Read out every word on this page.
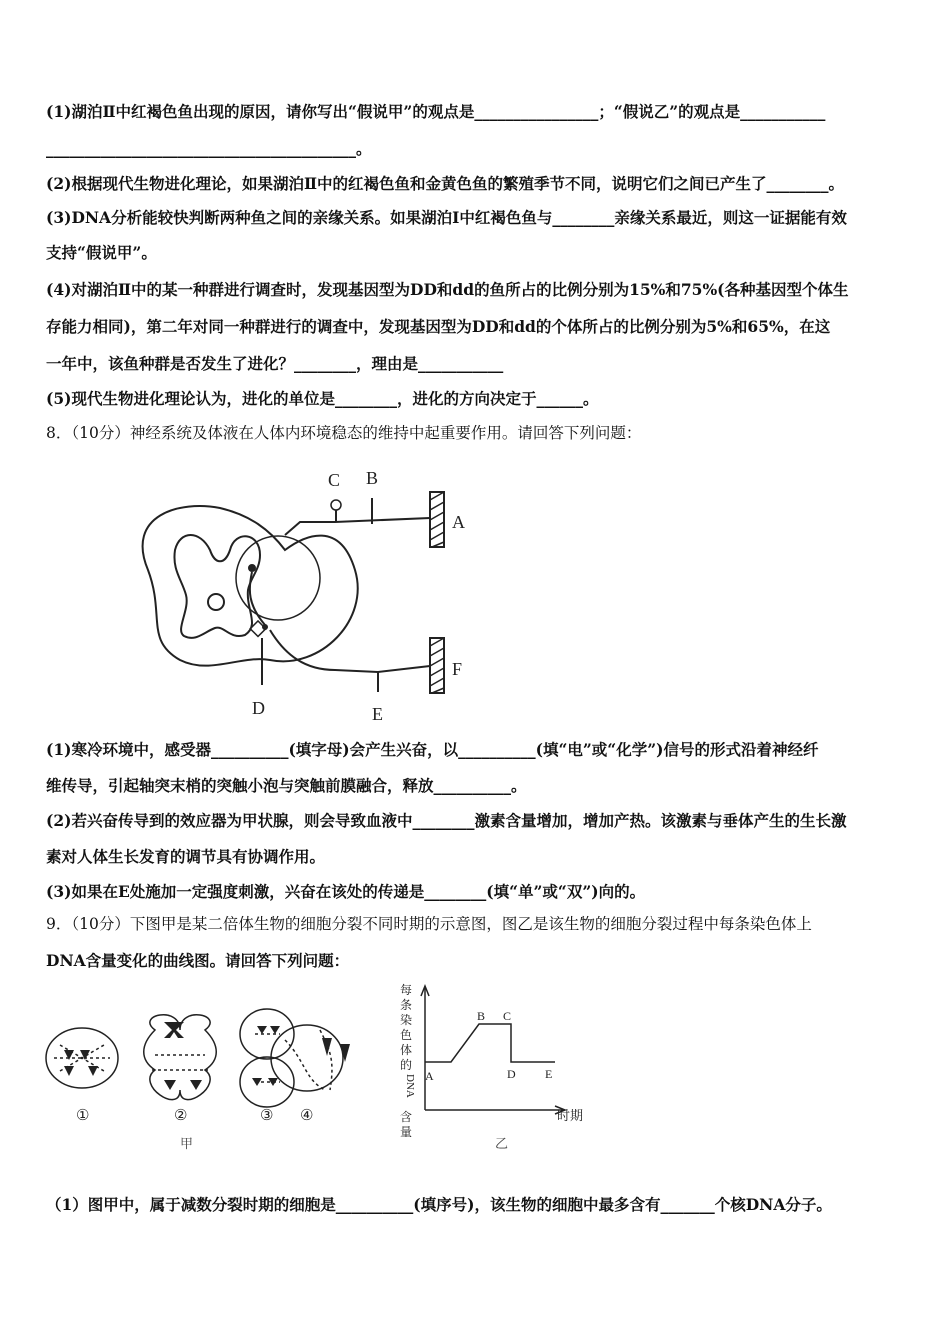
(1)湖泊Ⅱ中红褐色鱼出现的原因，请你写出“假说甲”的观点是________________；“假说乙”的观点是___________
________________________________________。
(2)根据现代生物进化理论，如果湖泊Ⅱ中的红褐色鱼和金黄色鱼的繁殖季节不同，说明它们之间已产生了________。
(3)DNA分析能较快判断两种鱼之间的亲缘关系。如果湖泊Ⅰ中红褐色鱼与________亲缘关系最近，则这一证据能有效
支持“假说甲”。
(4)对湖泊Ⅱ中的某一种群进行调查时，发现基因型为DD和dd的鱼所占的比例分别为15%和75%(各种基因型个体生
存能力相同)，第二年对同一种群进行的调查中，发现基因型为DD和dd的个体所占的比例分别为5%和65%，在这
一年中，该鱼种群是否发生了进化？________，理由是___________
(5)现代生物进化理论认为，进化的单位是________，进化的方向决定于______。
8．（10分）神经系统及体液在人体内环境稳态的维持中起重要作用。请回答下列问题：
C B
A
F
D	E
(1)寒冷环境中，感受器__________(填字母)会产生兴奋，以__________(填“电”或“化学”)信号的形式沿着神经纤
维传导，引起轴突末梢的突触小泡与突触前膜融合，释放__________。
(2)若兴奋传导到的效应器为甲状腺，则会导致血液中________激素含量增加，增加产热。该激素与垂体产生的生长激
素对人体生长发育的调节具有协调作用。
(3)如果在E处施加一定强度刺激，兴奋在该处的传递是________(填“单”或“双”)向的。
9．（10分）下图甲是某二倍体生物的细胞分裂不同时期的示意图，图乙是该生物的细胞分裂过程中每条染色体上
DNA含量变化的曲线图。请回答下列问题：
①	②	③ ④
甲
每
条
染
色
体
的
DNA
含
量
A
B C
D E
时期
乙
（1）图甲中，属于减数分裂时期的细胞是__________(填序号)，该生物的细胞中最多含有_______个核DNA分子。
